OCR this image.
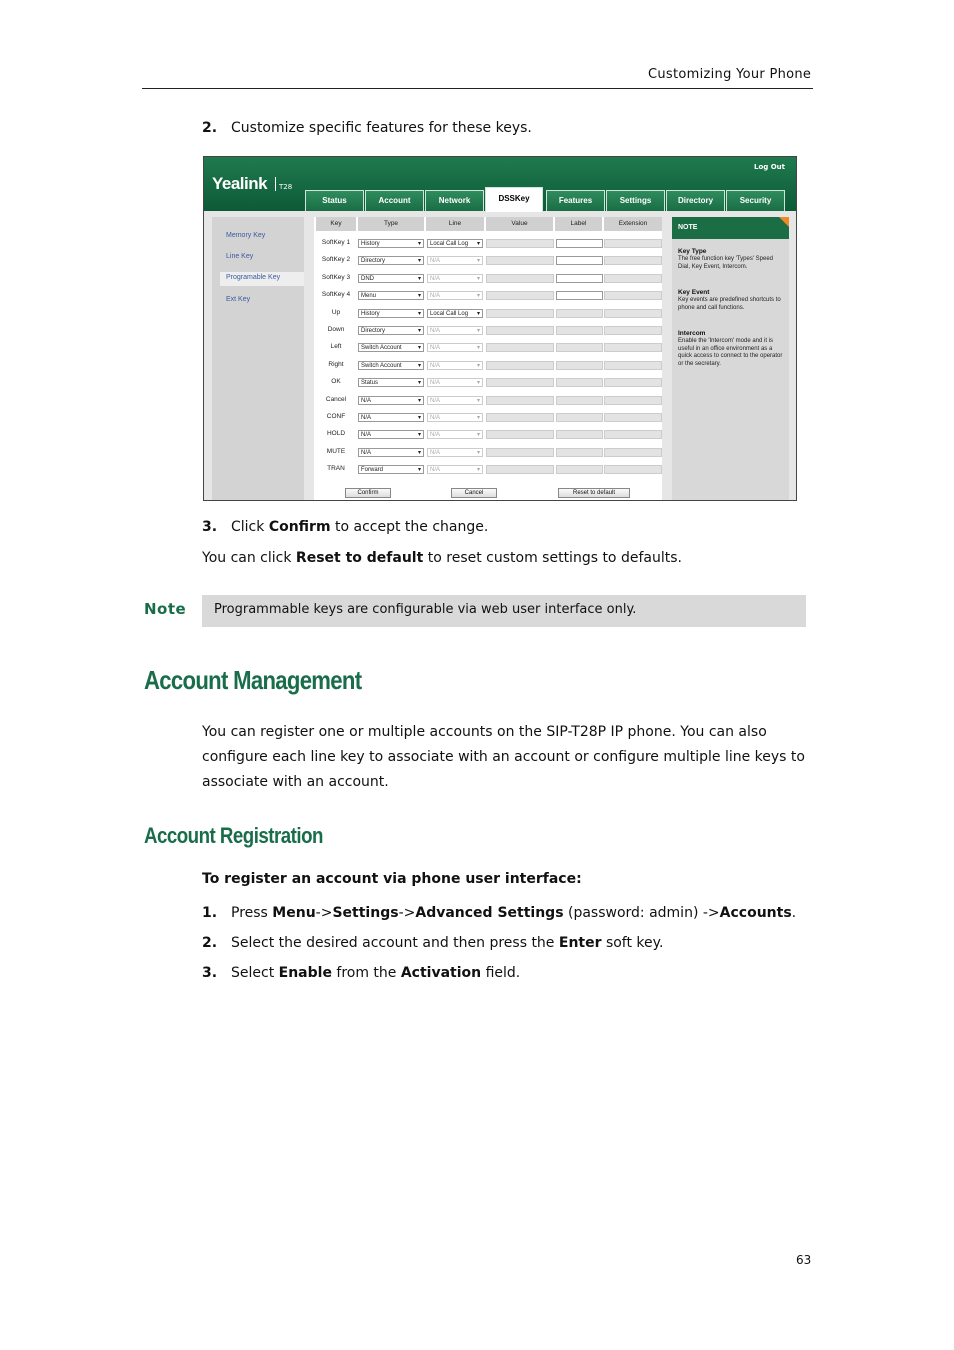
Customizing Your Phone
2. Customize specific features for these keys.
Yealink	T28
Log Out
Status	Account	Network	DSSKey	Features	Settings	Directory	Security
Memory Key
Line Key
Programable Key
Ext Key
Key	Type	Line	Value	Label	Extension
SoftKey 1	History ▾	Local Call Log ▾
SoftKey 2	Directory ▾	N/A ▾
SoftKey 3	DND ▾	N/A ▾
SoftKey 4	Menu ▾	N/A ▾
Up	History ▾	Local Call Log ▾
Down	Directory ▾	N/A ▾
Left	Switch Account ▾	N/A ▾
Right	Switch Account ▾	N/A ▾
OK	Status ▾	N/A ▾
Cancel	N/A ▾	N/A ▾
CONF	N/A ▾	N/A ▾
HOLD	N/A ▾	N/A ▾
MUTE	N/A ▾	N/A ▾
TRAN	Forward ▾	N/A ▾
Confirm	Cancel	Reset to default
NOTE
Key Type
The free function key 'Types' Speed Dial, Key Event, Intercom.
Key Event
Key events are predefined shortcuts to phone and call functions.
Intercom
Enable the 'Intercom' mode and it is useful in an office environment as a quick access to connect to the operator or the secretary.
3. Click Confirm to accept the change.
You can click Reset to default to reset custom settings to defaults.
Note Programmable keys are configurable via web user interface only.
Account Management
You can register one or multiple accounts on the SIP-T28P IP phone. You can also
configure each line key to associate with an account or configure multiple line keys to
associate with an account.
Account Registration
To register an account via phone user interface:
1. Press Menu->Settings->Advanced Settings (password: admin) ->Accounts.
2. Select the desired account and then press the Enter soft key.
3. Select Enable from the Activation field.
63
